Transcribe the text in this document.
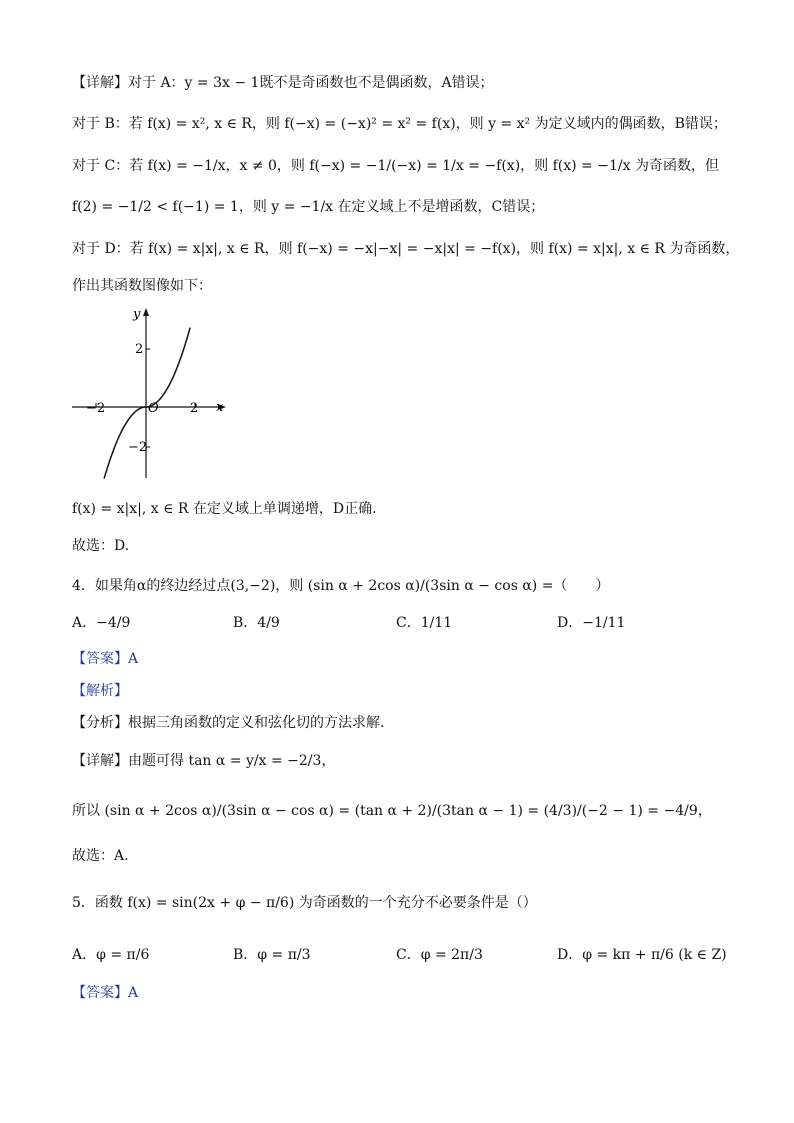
【详解】对于 A：y = 3x − 1既不是奇函数也不是偶函数，A错误；
对于 B：若 f(x) = x², x ∈ R，则 f(−x) = (−x)² = x² = f(x)，则 y = x² 为定义域内的偶函数，B错误；
对于 C：若 f(x) = −1/x，x ≠ 0，则 f(−x) = −1/(−x) = 1/x = −f(x)，则 f(x) = −1/x 为奇函数，但
f(2) = −1/2 < f(−1) = 1，则 y = −1/x 在定义域上不是增函数，C错误；
对于 D：若 f(x) = x|x|, x ∈ R，则 f(−x) = −x|−x| = −x|x| = −f(x)，则 f(x) = x|x|, x ∈ R 为奇函数，
作出其函数图像如下：
y
x
O
−2	2
2
−2
f(x) = x|x|, x ∈ R 在定义域上单调递增，D正确.
故选：D.
4．如果角α的终边经过点(3,−2)，则 (sin α + 2cos α)/(3sin α − cos α) =（　　）
A．−4/9	B．4/9	C．1/11	D．−1/11
【答案】A
【解析】
【分析】根据三角函数的定义和弦化切的方法求解.
【详解】由题可得 tan α = y/x = −2/3，
所以 (sin α + 2cos α)/(3sin α − cos α) = (tan α + 2)/(3tan α − 1) = (4/3)/(−2 − 1) = −4/9，
故选：A.
5．函数 f(x) = sin(2x + φ − π/6) 为奇函数的一个充分不必要条件是（）
A．φ = π/6	B．φ = π/3	C．φ = 2π/3	D．φ = kπ + π/6 (k ∈ Z)
【答案】A
